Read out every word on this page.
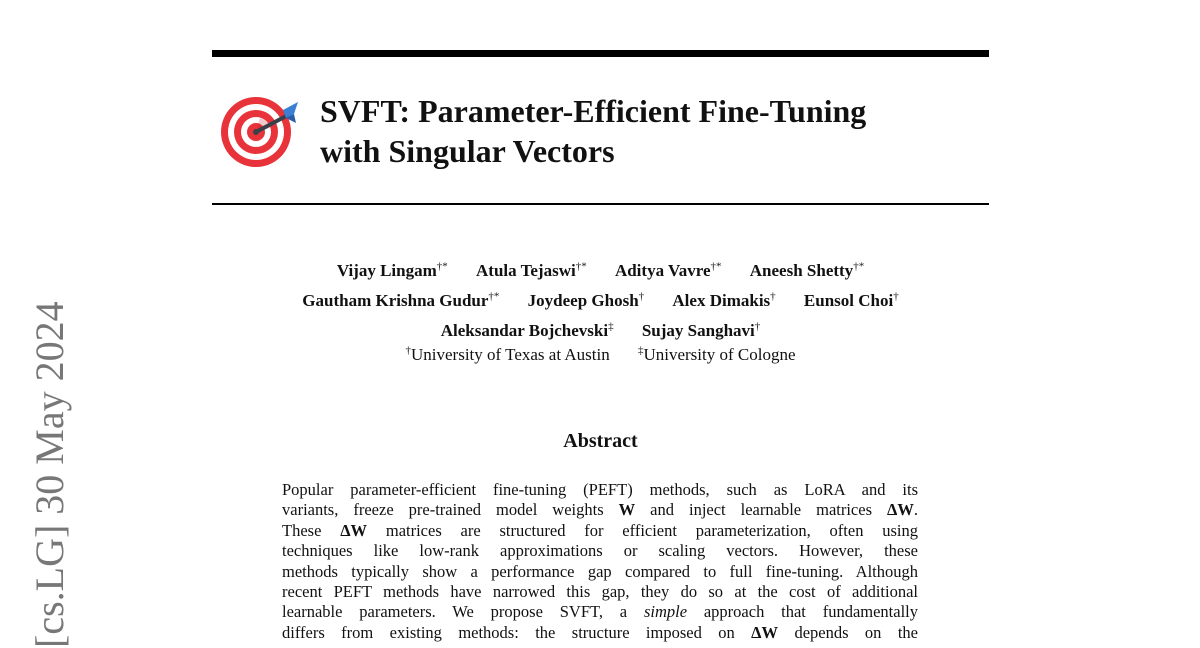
SVFT: Parameter-Efficient Fine-Tuning
with Singular Vectors
[cs.LG] 30 May 2024
Vijay Lingam†* Atula Tejaswi†* Aditya Vavre†* Aneesh Shetty†*
Gautham Krishna Gudur†* Joydeep Ghosh† Alex Dimakis† Eunsol Choi†
Aleksandar Bojchevski‡ Sujay Sanghavi†
†University of Texas at Austin	‡University of Cologne
Abstract
Popular parameter-efficient fine-tuning (PEFT) methods, such as LoRA and its
variants, freeze pre-trained model weights W and inject learnable matrices ΔW.
These ΔW matrices are structured for efficient parameterization, often using
techniques like low-rank approximations or scaling vectors. However, these
methods typically show a performance gap compared to full fine-tuning. Although
recent PEFT methods have narrowed this gap, they do so at the cost of additional
learnable parameters. We propose SVFT, a simple approach that fundamentally
differs from existing methods: the structure imposed on ΔW depends on the
